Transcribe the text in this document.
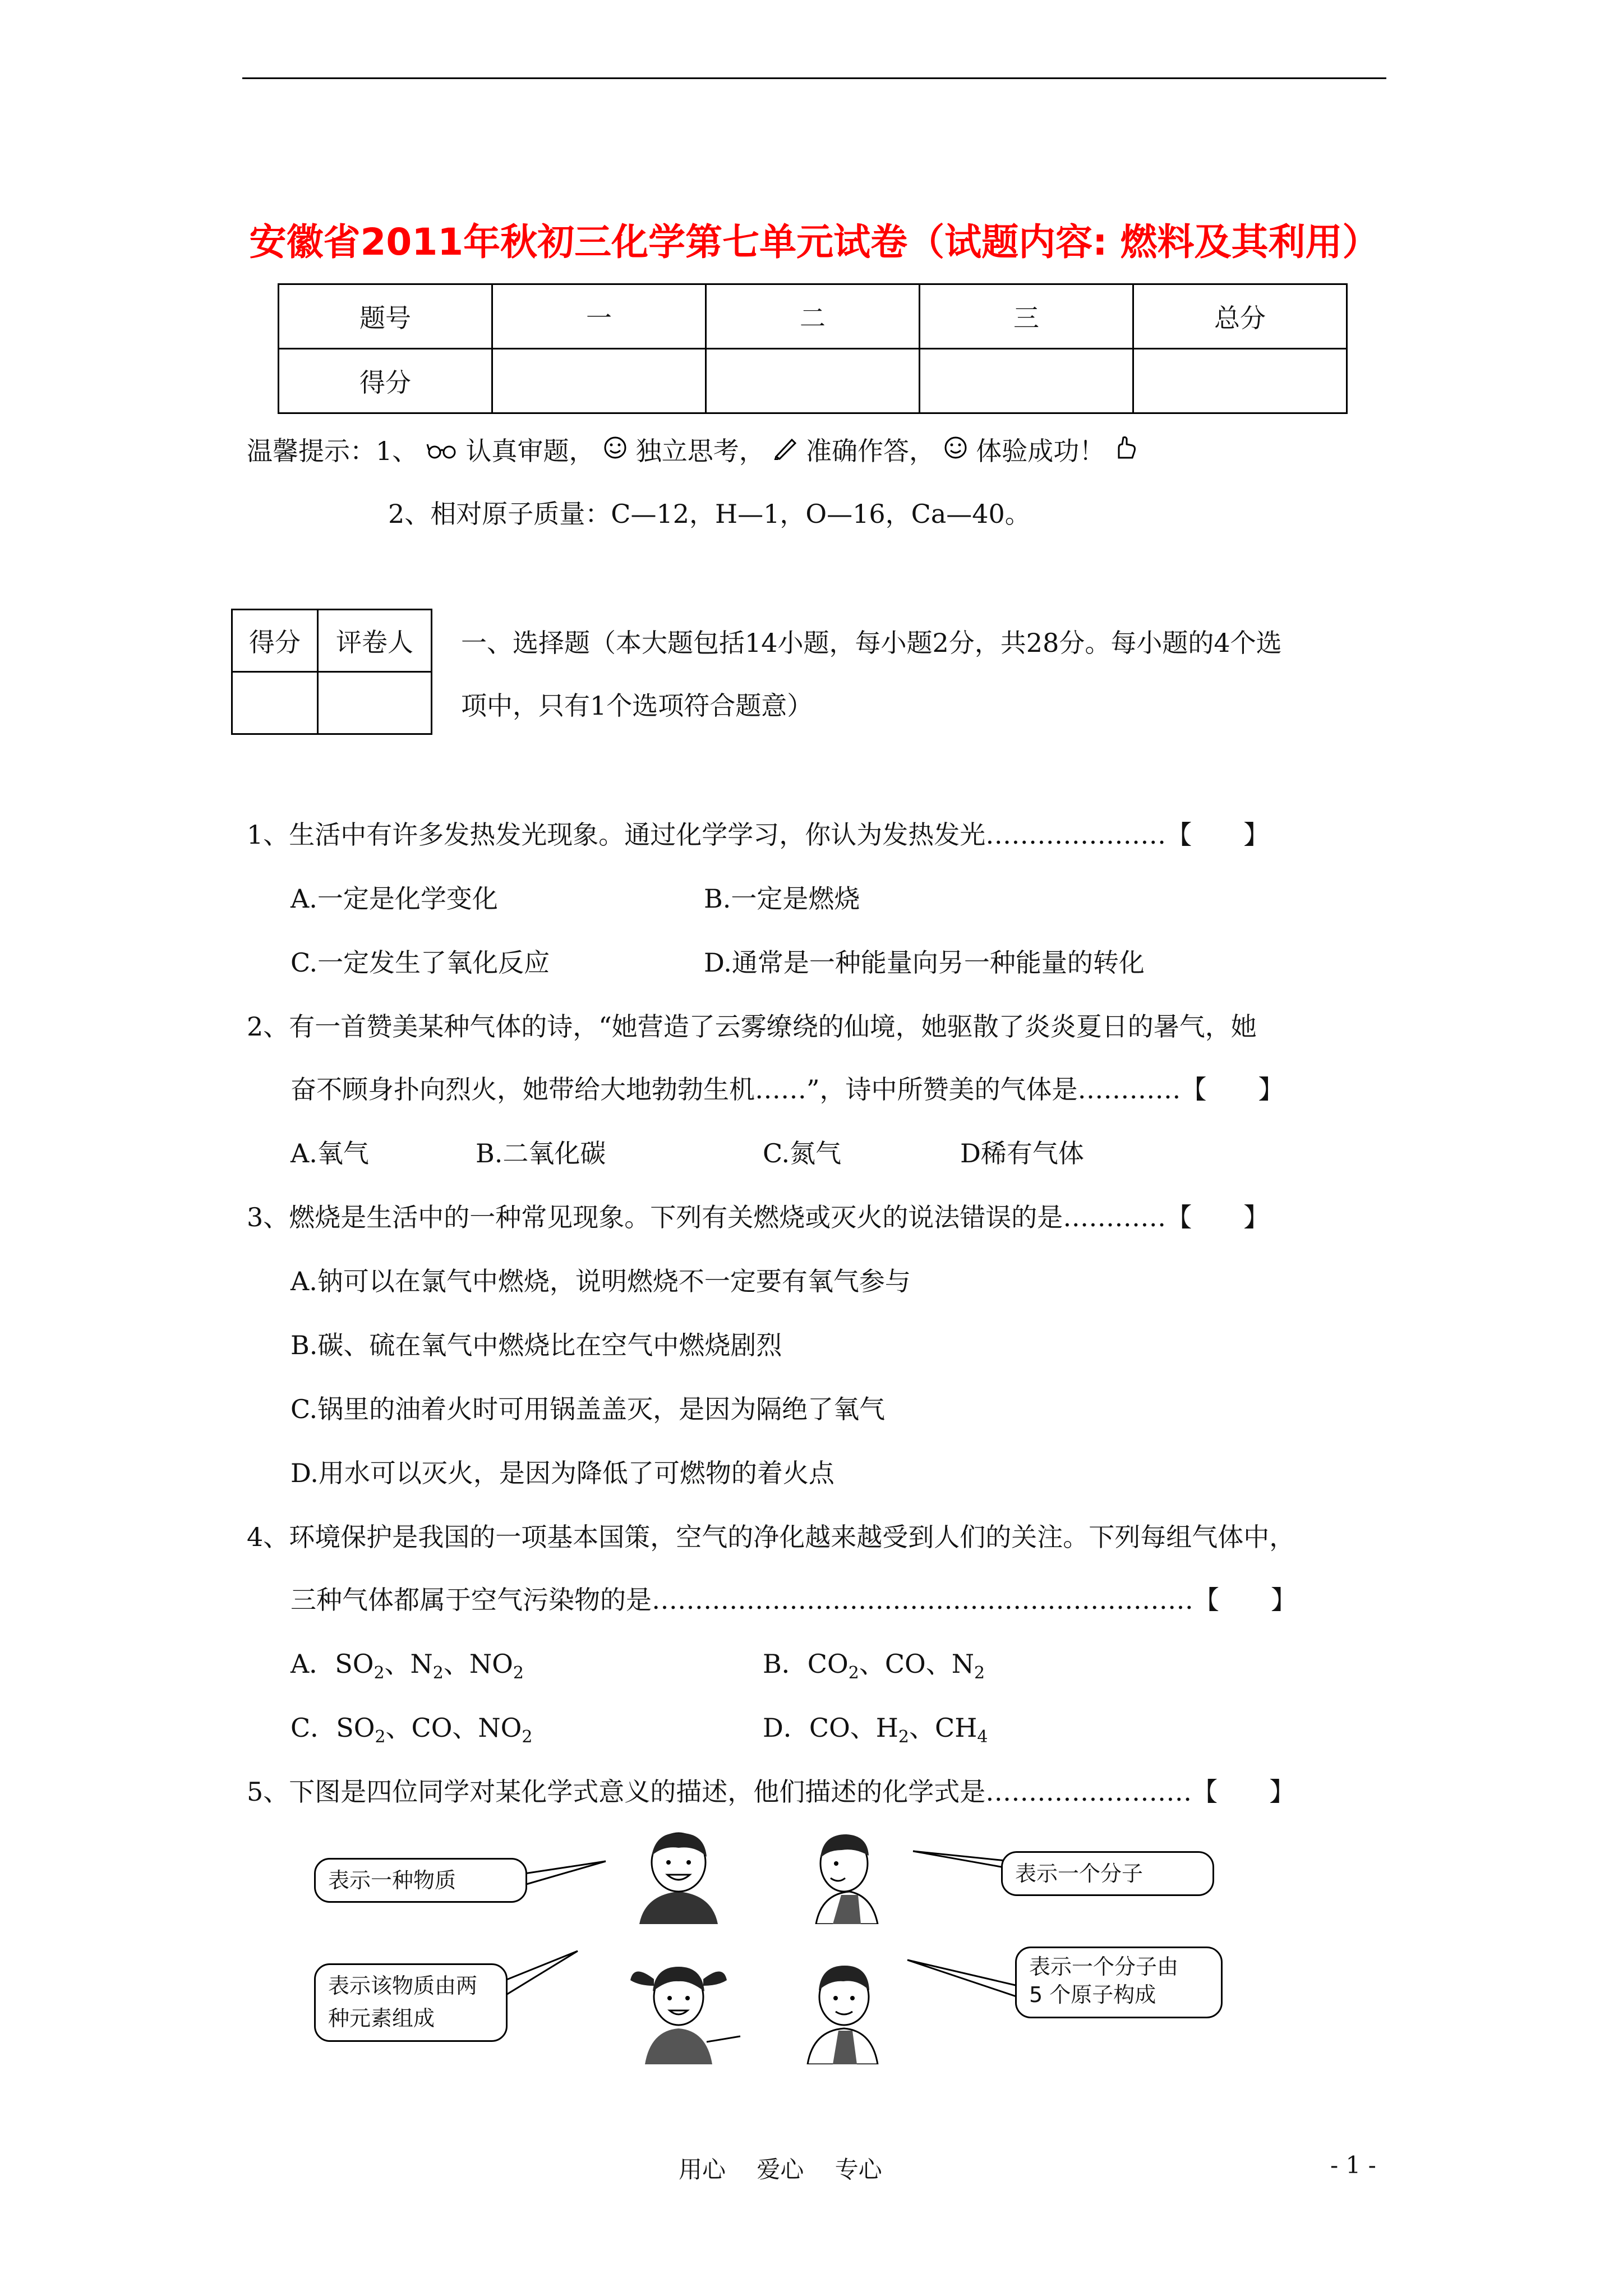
安徽省2011年秋初三化学第七单元试卷（试题内容: 燃料及其利用）
题号	一	二	三	总分
得分				
温馨提示：1、 认真审题， 独立思考， 准确作答， 体验成功！
2、相对原子质量：C—12，H—1，O—16，Ca—40。
得分	评卷人
	一、选择题（本大题包括14小题，每小题2分，共28分。每小题的4个选
项中，只有1个选项符合题意）
1、生活中有许多发热发光现象。通过化学学习，你认为发热发光…………………【　　】
A.一定是化学变化	B.一定是燃烧
C.一定发生了氧化反应	D.通常是一种能量向另一种能量的转化
2、有一首赞美某种气体的诗，“她营造了云雾缭绕的仙境，她驱散了炎炎夏日的暑气，她
奋不顾身扑向烈火，她带给大地勃勃生机……”，诗中所赞美的气体是…………【　　】
A.氧气	B.二氧化碳	C.氮气	D稀有气体
3、燃烧是生活中的一种常见现象。下列有关燃烧或灭火的说法错误的是…………【　　】
A.钠可以在氯气中燃烧，说明燃烧不一定要有氧气参与
B.碳、硫在氧气中燃烧比在空气中燃烧剧烈
C.锅里的油着火时可用锅盖盖灭，是因为隔绝了氧气
D.用水可以灭火，是因为降低了可燃物的着火点
4、环境保护是我国的一项基本国策，空气的净化越来越受到人们的关注。下列每组气体中，
三种气体都属于空气污染物的是………………………………………………………【　　】
A．$SO_2$、$N_2$、$NO_2$	B．$CO_2$、CO、$N_2$
C．$SO_2$、CO、$NO_2$	D．CO、$H_2$、$CH_4$
5、下图是四位同学对某化学式意义的描述，他们描述的化学式是……………………【　　】
表示一种物质	表示一个分子
表示该物质由两
种元素组成
表示一个分子由
5 个原子构成
用心　 爱心　 专心	- 1 -
